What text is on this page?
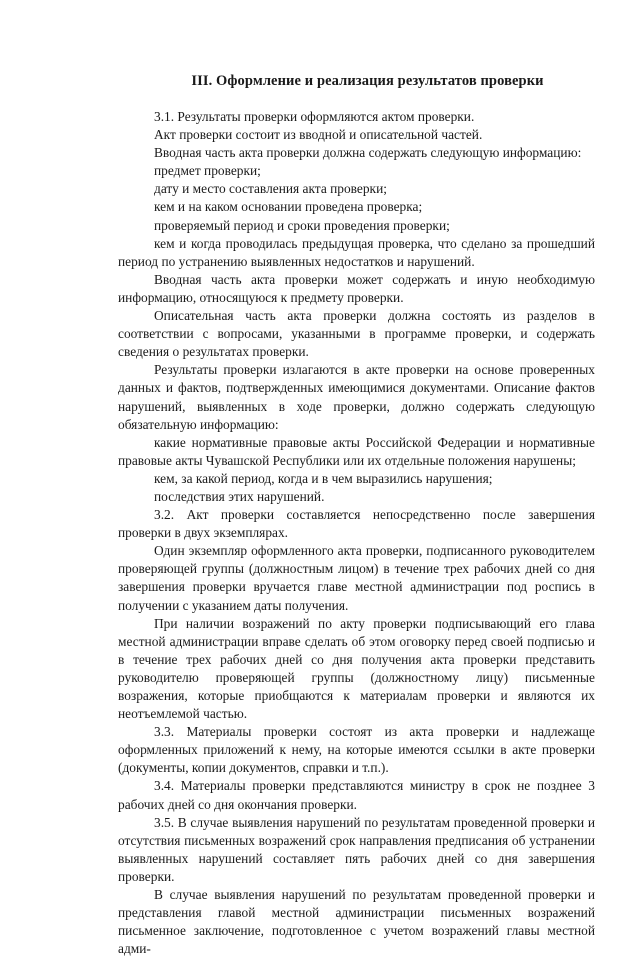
III. Оформление и реализация результатов проверки

3.1. Результаты проверки оформляются актом проверки.

Акт проверки состоит из вводной и описательной частей.

Вводная часть акта проверки должна содержать следующую информацию:

предмет проверки;

дату и место составления акта проверки;

кем и на каком основании проведена проверка;

проверяемый период и сроки проведения проверки;

кем и когда проводилась предыдущая проверка, что сделано за прошедший период по устранению выявленных недостатков и нарушений.

Вводная часть акта проверки может содержать и иную необходимую информацию, относящуюся к предмету проверки.

Описательная часть акта проверки должна состоять из разделов в соответствии с вопросами, указанными в программе проверки, и содержать сведения о результатах проверки.

Результаты проверки излагаются в акте проверки на основе проверенных данных и фактов, подтвержденных имеющимися документами. Описание фактов нарушений, выявленных в ходе проверки, должно содержать следующую обязательную информацию:

какие нормативные правовые акты Российской Федерации и нормативные правовые акты Чувашской Республики или их отдельные положения нарушены;

кем, за какой период, когда и в чем выразились нарушения;

последствия этих нарушений.

3.2. Акт проверки составляется непосредственно после завершения проверки в двух экземплярах.

Один экземпляр оформленного акта проверки, подписанного руководителем проверяющей группы (должностным лицом) в течение трех рабочих дней со дня завершения проверки вручается главе местной администрации под роспись в получении с указанием даты получения.

При наличии возражений по акту проверки подписывающий его глава местной администрации вправе сделать об этом оговорку перед своей подписью и в течение трех рабочих дней со дня получения акта проверки представить руководителю проверяющей группы (должностному лицу) письменные возражения, которые приобщаются к материалам проверки и являются их неотъемлемой частью.

3.3. Материалы проверки состоят из акта проверки и надлежаще оформленных приложений к нему, на которые имеются ссылки в акте проверки (документы, копии документов, справки и т.п.).

3.4. Материалы проверки представляются министру в срок не позднее 3 рабочих дней со дня окончания проверки.

3.5. В случае выявления нарушений по результатам проведенной проверки и отсутствия письменных возражений срок направления предписания об устранении выявленных нарушений составляет пять рабочих дней со дня завершения проверки.

В случае выявления нарушений по результатам проведенной проверки и представления главой местной администрации письменных возражений письменное заключение, подготовленное с учетом возражений главы местной адми-
